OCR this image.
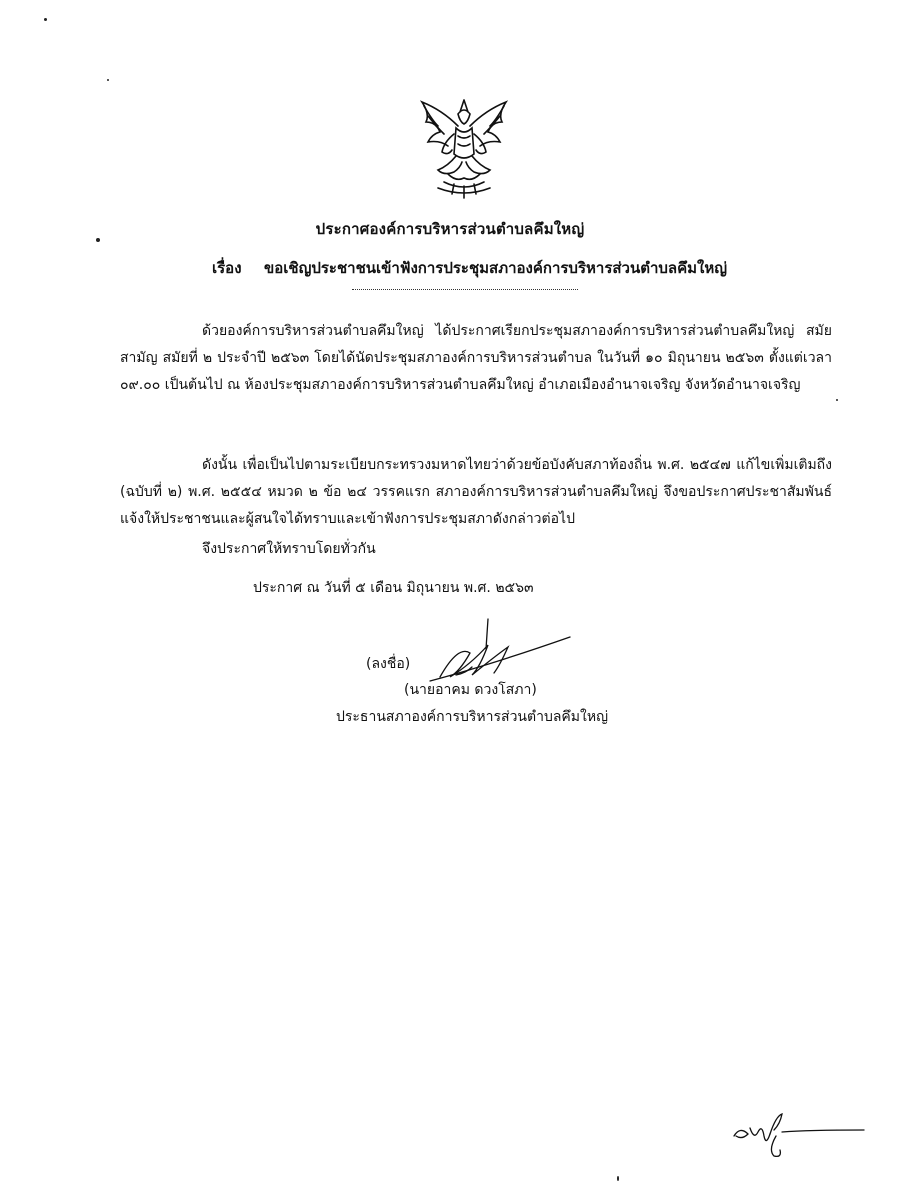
ประกาศองค์การบริหารส่วนตำบลคึมใหญ่
เรื่อง ขอเชิญประชาชนเข้าฟังการประชุมสภาองค์การบริหารส่วนตำบลคึมใหญ่
ด้วยองค์การบริหารส่วนตำบลคึมใหญ่ ได้ประกาศเรียกประชุมสภาองค์การบริหารส่วนตำบลคึมใหญ่ สมัยสามัญ สมัยที่ ๒ ประจำปี ๒๕๖๓ โดยได้นัดประชุมสภาองค์การบริหารส่วนตำบล ในวันที่ ๑๐ มิถุนายน ๒๕๖๓ ตั้งแต่เวลา ๐๙.๐๐ เป็นต้นไป ณ ห้องประชุมสภาองค์การบริหารส่วนตำบลคึมใหญ่ อำเภอเมืองอำนาจเจริญ จังหวัดอำนาจเจริญ
ดังนั้น เพื่อเป็นไปตามระเบียบกระทรวงมหาดไทยว่าด้วยข้อบังคับสภาท้องถิ่น พ.ศ. ๒๕๔๗ แก้ไขเพิ่มเติมถึง (ฉบับที่ ๒) พ.ศ. ๒๕๕๔ หมวด ๒ ข้อ ๒๔ วรรคแรก สภาองค์การบริหารส่วนตำบลคึมใหญ่ จึงขอประกาศประชาสัมพันธ์ แจ้งให้ประชาชนและผู้สนใจได้ทราบและเข้าฟังการประชุมสภาดังกล่าวต่อไป
จึงประกาศให้ทราบโดยทั่วกัน
ประกาศ ณ วันที่ ๕ เดือน มิถุนายน พ.ศ. ๒๕๖๓
(ลงชื่อ)
(นายอาคม ดวงโสภา)
ประธานสภาองค์การบริหารส่วนตำบลคึมใหญ่
